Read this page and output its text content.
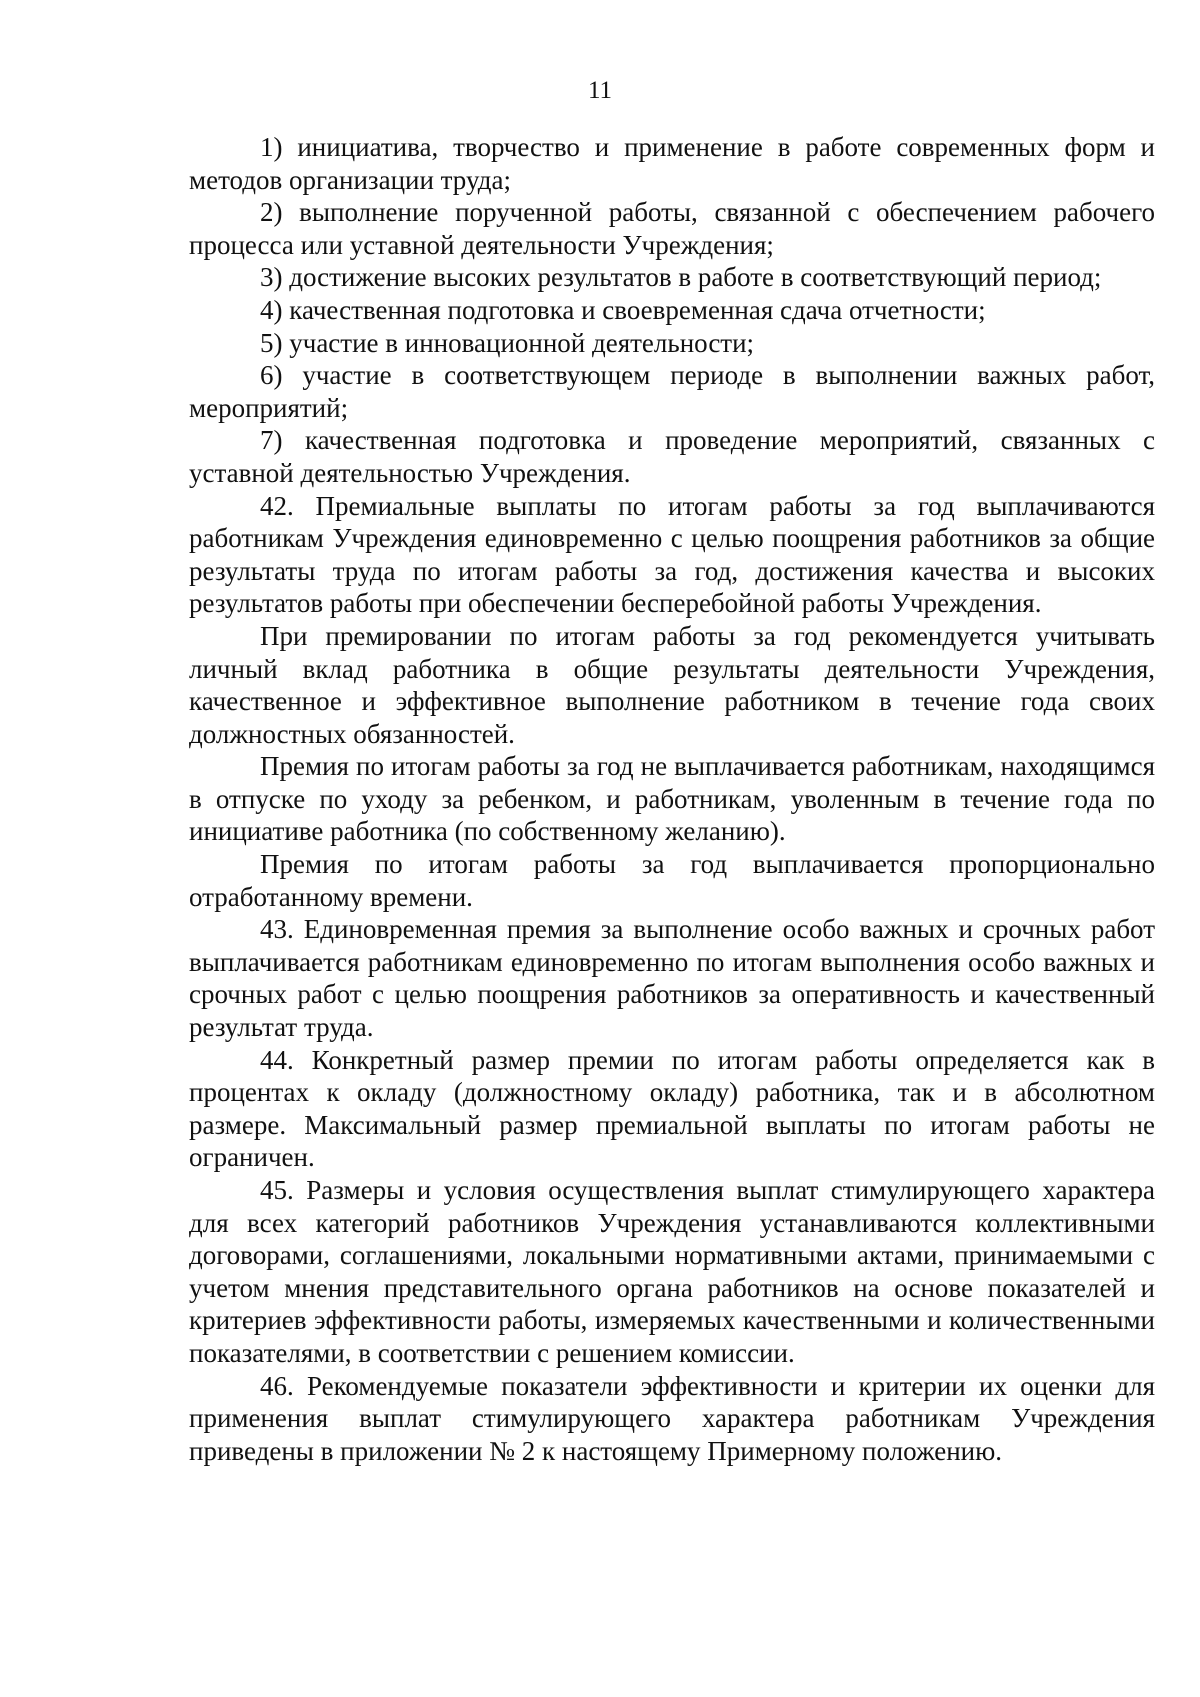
11

1) инициатива, творчество и применение в работе современных форм и методов организации труда;

2) выполнение порученной работы, связанной с обеспечением рабочего процесса или уставной деятельности Учреждения;

3) достижение высоких результатов в работе в соответствующий период;

4) качественная подготовка и своевременная сдача отчетности;

5) участие в инновационной деятельности;

6) участие в соответствующем периоде в выполнении важных работ, мероприятий;

7) качественная подготовка и проведение мероприятий, связанных с уставной деятельностью Учреждения.

42. Премиальные выплаты по итогам работы за год выплачиваются работникам Учреждения единовременно с целью поощрения работников за общие результаты труда по итогам работы за год, достижения качества и высоких результатов работы при обеспечении бесперебойной работы Учреждения.

При премировании по итогам работы за год рекомендуется учитывать личный вклад работника в общие результаты деятельности Учреждения, качественное и эффективное выполнение работником в течение года своих должностных обязанностей.

Премия по итогам работы за год не выплачивается работникам, находящимся в отпуске по уходу за ребенком, и работникам, уволенным в течение года по инициативе работника (по собственному желанию).

Премия по итогам работы за год выплачивается пропорционально отработанному времени.

43. Единовременная премия за выполнение особо важных и срочных работ выплачивается работникам единовременно по итогам выполнения особо важных и срочных работ с целью поощрения работников за оперативность и качественный результат труда.

44. Конкретный размер премии по итогам работы определяется как в процентах к окладу (должностному окладу) работника, так и в абсолютном размере. Максимальный размер премиальной выплаты по итогам работы не ограничен.

45. Размеры и условия осуществления выплат стимулирующего характера для всех категорий работников Учреждения устанавливаются коллективными договорами, соглашениями, локальными нормативными актами, принимаемыми с учетом мнения представительного органа работников на основе показателей и критериев эффективности работы, измеряемых качественными и количественными показателями, в соответствии с решением комиссии.

46. Рекомендуемые показатели эффективности и критерии их оценки для применения выплат стимулирующего характера работникам Учреждения приведены в приложении № 2 к настоящему Примерному положению.
